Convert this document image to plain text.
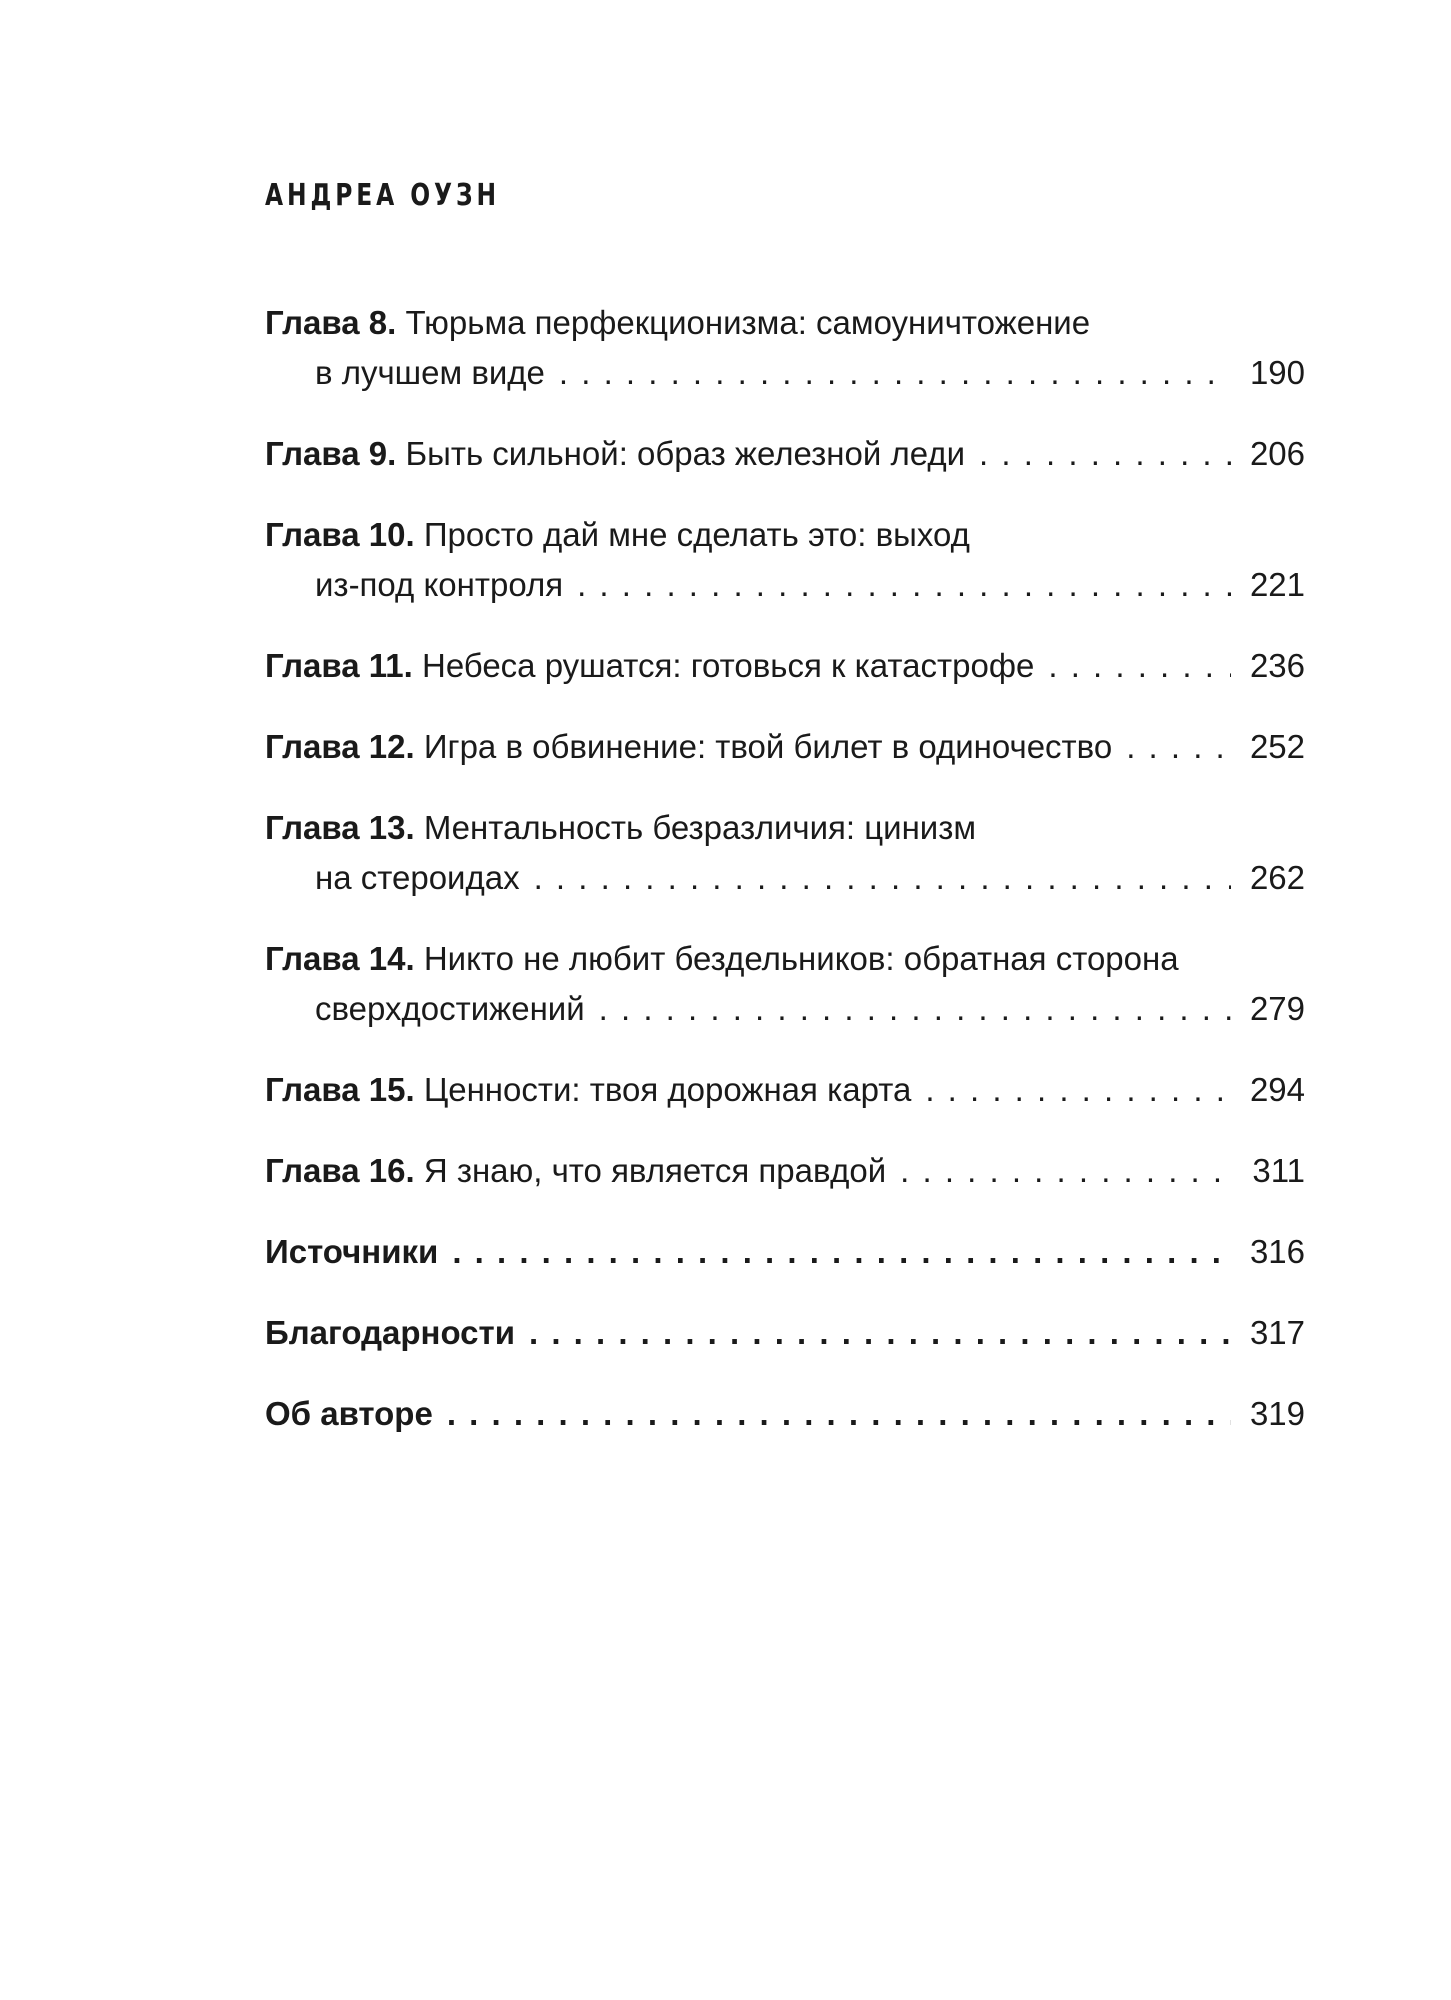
АНДРЕА ОУЗН
Глава 8.
Тюрьма перфекционизма: самоуничтожение
в лучшем виде . . .	190
Глава 9.
Быть сильной: образ железной леди . . .	206
Глава 10.
Просто дай мне сделать это: выход
из-под контроля . . .	221
Глава 11.
Небеса рушатся: готовься к катастрофе . . .	236
Глава 12.
Игра в обвинение: твой билет в одиночество . . .	252
Глава 13.
Ментальность безразличия: цинизм
на стероидах . . .	262
Глава 14.
Никто не любит бездельников: обратная сторона
сверхдостижений . . .	279
Глава 15.
Ценности: твоя дорожная карта . . .	294
Глава 16.
Я знаю, что является правдой . . .	311
Источники . . .	316
Благодарности . . .	317
Об авторе . . .	319
